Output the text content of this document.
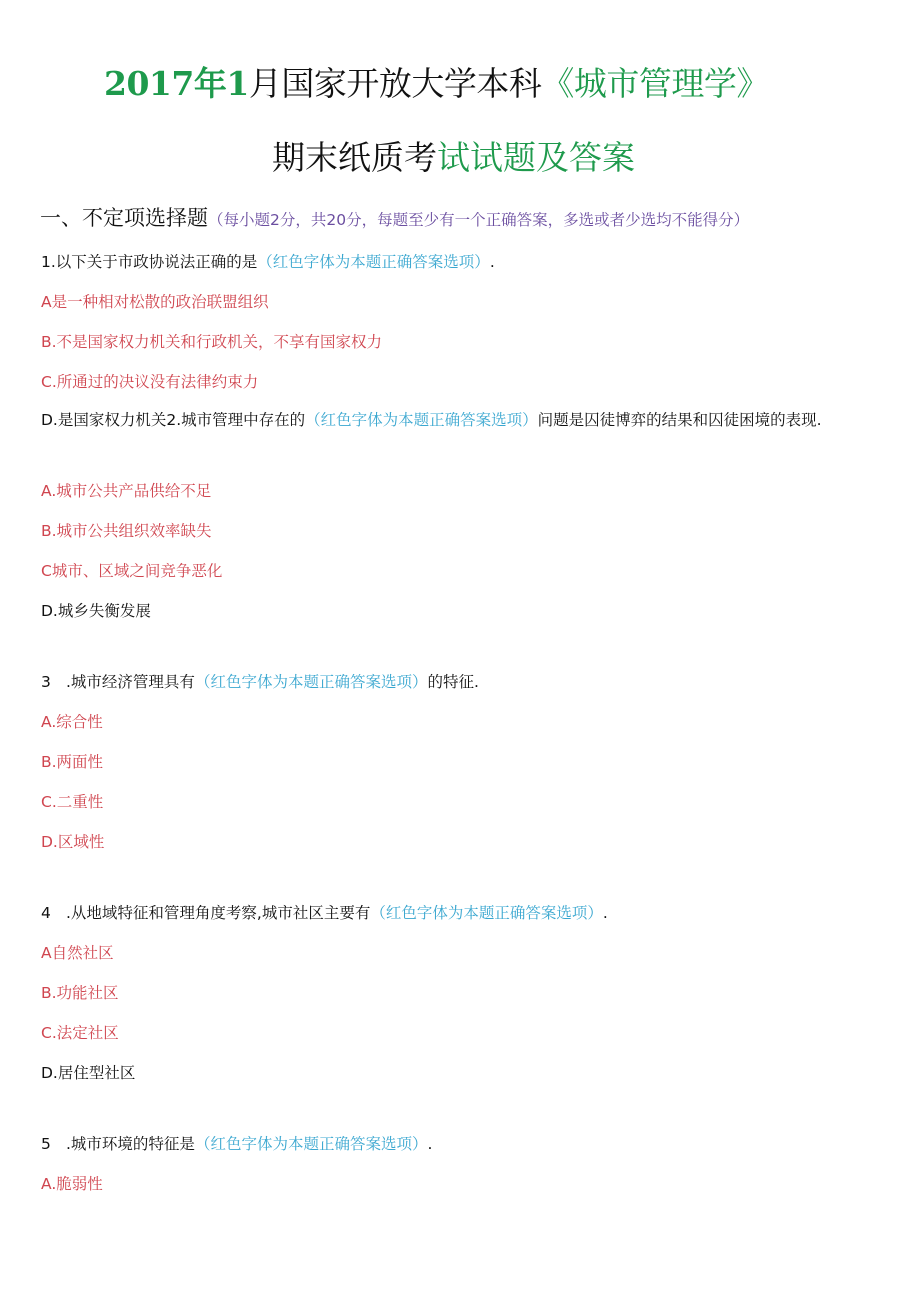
2017年1月国家开放大学本科《城市管理学》
期末纸质考试试题及答案
一、不定项选择题（每小题2分，共20分，每题至少有一个正确答案，多选或者少选均不能得分）
1.以下关于市政协说法正确的是（红色字体为本题正确答案选项）.
A是一种相对松散的政治联盟组织
B.不是国家权力机关和行政机关，不享有国家权力
C.所通过的决议没有法律约束力
D.是国家权力机关2.城市管理中存在的（红色字体为本题正确答案选项）问题是囚徒博弈的结果和囚徒困境的表现.
A.城市公共产品供给不足
B.城市公共组织效率缺失
C城市、区域之间竞争恶化
D.城乡失衡发展
3 .城市经济管理具有（红色字体为本题正确答案选项）的特征.
A.综合性
B.两面性
C.二重性
D.区域性
4 .从地域特征和管理角度考察,城市社区主要有（红色字体为本题正确答案选项）.
A自然社区
B.功能社区
C.法定社区
D.居住型社区
5 .城市环境的特征是（红色字体为本题正确答案选项）.
A.脆弱性
